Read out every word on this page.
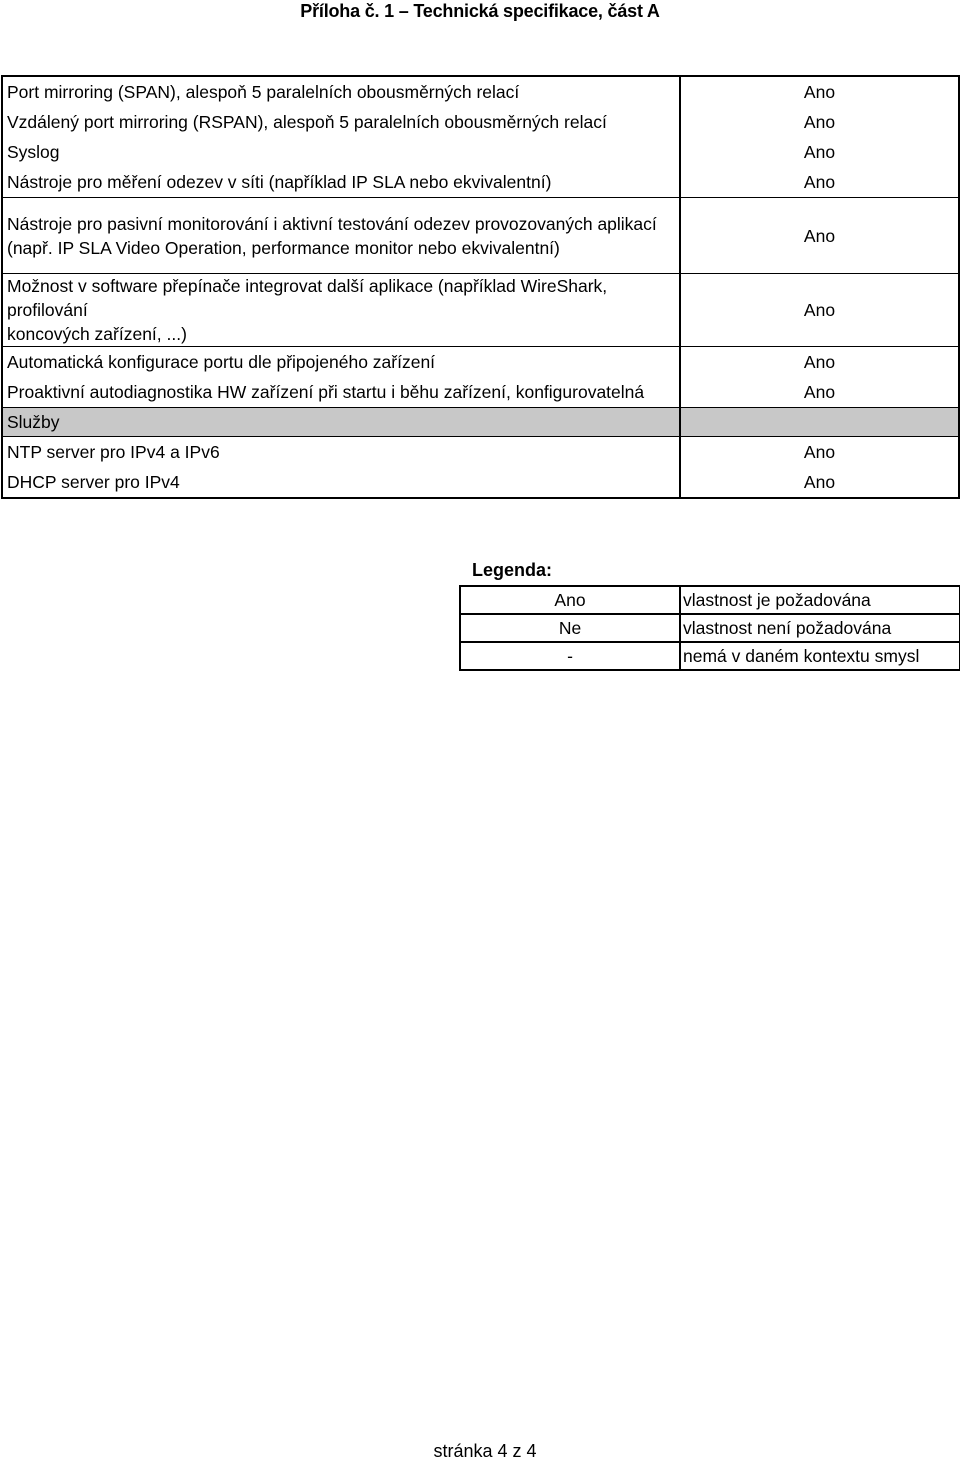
Příloha č. 1 – Technická specifikace, část A
Port mirroring (SPAN), alespoň 5 paralelních obousměrných relací	Ano
Vzdálený port mirroring (RSPAN), alespoň 5 paralelních obousměrných relací	Ano
Syslog	Ano
Nástroje pro měření odezev v síti (například IP SLA nebo ekvivalentní)	Ano
Nástroje pro pasivní monitorování i aktivní testování odezev provozovaných aplikací
(např. IP SLA Video Operation, performance monitor nebo ekvivalentní)	Ano
Možnost v software přepínače integrovat další aplikace (například WireShark, profilování
koncových zařízení, ...)	Ano
Automatická konfigurace portu dle připojeného zařízení	Ano
Proaktivní autodiagnostika HW zařízení při startu i běhu zařízení, konfigurovatelná	Ano
Služby	
NTP server pro IPv4 a IPv6	Ano
DHCP server pro IPv4	Ano
Legenda:
Ano	vlastnost je požadována
Ne	vlastnost není požadována
-	nemá v daném kontextu smysl
stránka 4 z 4
